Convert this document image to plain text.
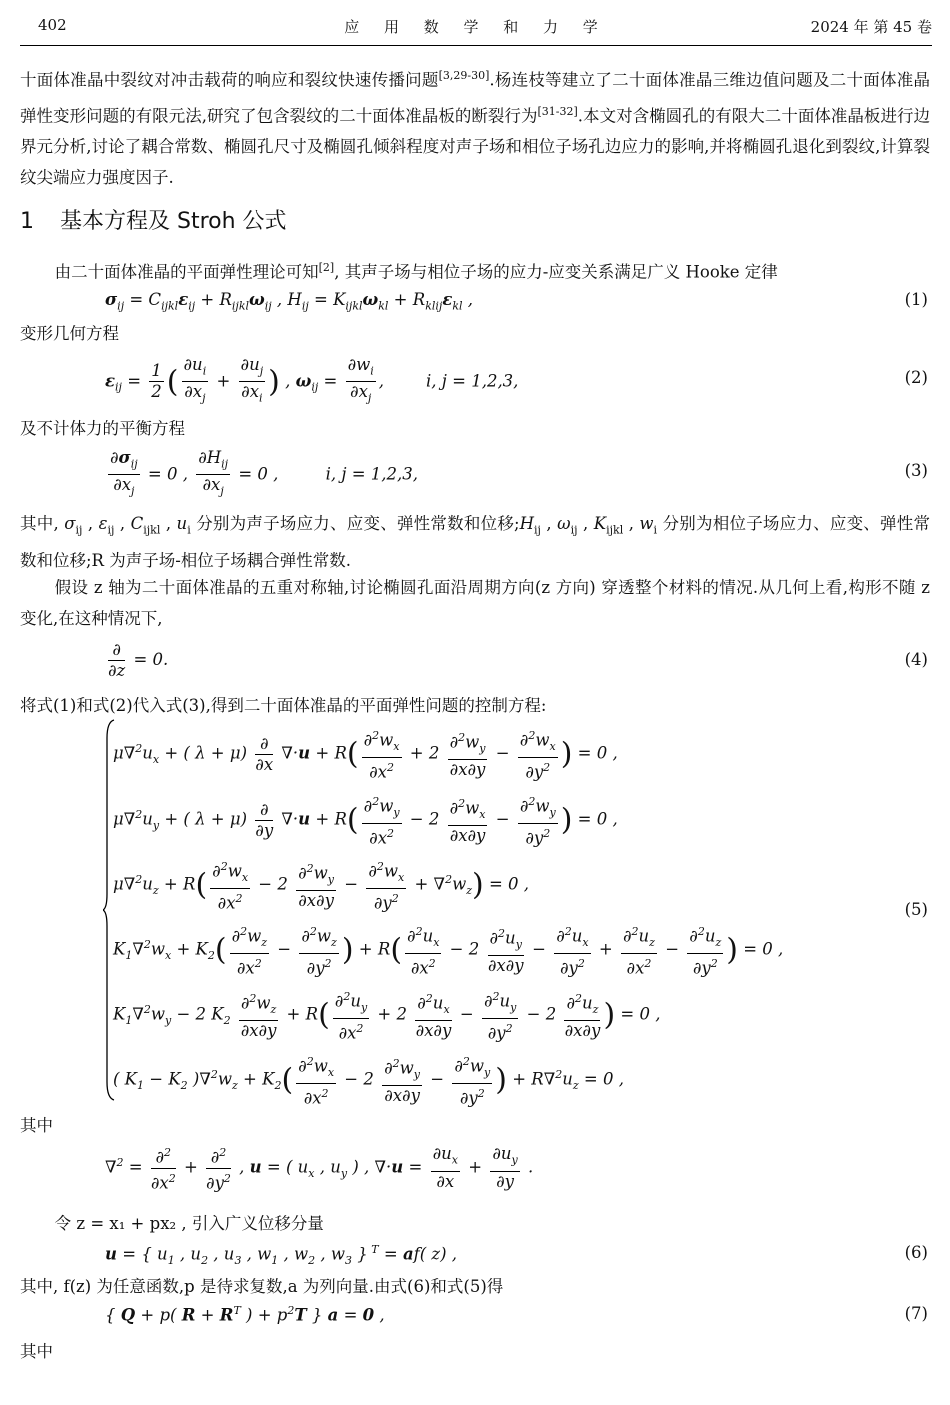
402	应 用 数 学 和 力 学	2024 年 第 45 卷
十面体准晶中裂纹对冲击载荷的响应和裂纹快速传播问题[3,29-30].杨连枝等建立了二十面体准晶三维边值问题及二十面体准晶弹性变形问题的有限元法,研究了包含裂纹的二十面体准晶板的断裂行为[31-32].本文对含椭圆孔的有限大二十面体准晶板进行边界元分析,讨论了耦合常数、椭圆孔尺寸及椭圆孔倾斜程度对声子场和相位子场孔边应力的影响,并将椭圆孔退化到裂纹,计算裂纹尖端应力强度因子.
1 基本方程及 Stroh 公式
由二十面体准晶的平面弹性理论可知[2], 其声子场与相位子场的应力-应变关系满足广义 Hooke 定律
$\sigma_{ij} = C_{ijkl}\varepsilon_{ij} + R_{ijkl}\omega_{ij}$ , $H_{ij} = K_{ijkl}\omega_{kl} + R_{klij}\varepsilon_{kl}$ ,	(1)
变形几何方程
$\varepsilon_{ij} = \frac{1}{2}$ ( $\frac{\partial u_i}{\partial x_j} + \frac{\partial u_j}{\partial x_i}$ ) , $\omega_{ij} = \frac{\partial w_i}{\partial x_j}$ ,        i, j = 1,2,3,	(2)
及不计体力的平衡方程
$\frac{\partial\sigma_{ij}}{\partial x_j} = 0$ , $\frac{\partial H_{ij}}{\partial x_j} = 0$ ,         i, j = 1,2,3,	(3)
其中, $\sigma_{ij}$ , $\varepsilon_{ij}$ , $C_{ijkl}$ , $u_i$ 分别为声子场应力、应变、弹性常数和位移$;H_{ij}$ , $\omega_{ij}$ , $K_{ijkl}$ , $w_i$ 分别为相位子场应力、应变、弹性常数和位移;R 为声子场-相位子场耦合弹性常数.
假设 z 轴为二十面体准晶的五重对称轴,讨论椭圆孔面沿周期方向(z 方向) 穿透整个材料的情况.从几何上看,构形不随 z 变化,在这种情况下,
$\frac{\partial}{\partial z} = 0$.	(4)
将式(1)和式(2)代入式(3),得到二十面体准晶的平面弹性问题的控制方程:
$\mu\nabla^2u_x$ + ( $\lambda + \mu) \frac{\partial}{\partial x} \nabla\cdot u + R( \frac{\partial^2w_x}{\partial x^2} + 2 \frac{\partial^2w_y}{\partial x\partial y} - \frac{\partial^2w_x}{\partial y^2}$ ) = 0 ,
$\mu\nabla^2u_y$ + ( $\lambda + \mu) \frac{\partial}{\partial y} \nabla\cdot u + R( \frac{\partial^2w_y}{\partial x^2} - 2 \frac{\partial^2w_x}{\partial x\partial y} - \frac{\partial^2w_y}{\partial y^2}$ ) = 0 ,
$\mu\nabla^2u_z + R( \frac{\partial^2w_x}{\partial x^2} - 2 \frac{\partial^2w_y}{\partial x\partial y} - \frac{\partial^2w_x}{\partial y^2} + \nabla^2w_z) = 0$ ,
$K_1\nabla^2w_x + K_2( \frac{\partial^2w_z}{\partial x^2} - \frac{\partial^2w_z}{\partial y^2}$ ) + $R( \frac{\partial^2u_x}{\partial x^2} - 2 \frac{\partial^2u_y}{\partial x\partial y} - \frac{\partial^2u_x}{\partial y^2} + \frac{\partial^2u_z}{\partial x^2} - \frac{\partial^2u_z}{\partial y^2}$ ) = 0 ,
$K_1\nabla^2w_y - 2$ $K_2 \frac{\partial^2w_z}{\partial x\partial y} + R( \frac{\partial^2u_y}{\partial x^2} + 2 \frac{\partial^2u_x}{\partial x\partial y} - \frac{\partial^2u_y}{\partial y^2} - 2 \frac{\partial^2u_z}{\partial x\partial y}$ ) = 0 ,
( $K_1 - K_2$ )$\nabla^2w_z + K_2( \frac{\partial^2w_x}{\partial x^2} - 2 \frac{\partial^2w_y}{\partial x\partial y} - \frac{\partial^2w_y}{\partial y^2}$ ) + $R\nabla^2u_z = 0$ ,
(5)
其中
$\nabla^2 = \frac{\partial^2}{\partial x^2} + \frac{\partial^2}{\partial y^2}$ , u = ( $u_x$ , $u_y$ ) , $\nabla\cdot u = \frac{\partial u_x}{\partial x} + \frac{\partial u_y}{\partial y}$ .
令 z = x₁ + px₂ , 引入广义位移分量
u = { $u_1$ , $u_2$ , $u_3$ , $w_1$ , $w_2$ , $w_3$ } $^T$ = af( z) ,	(6)
其中, f(z) 为任意函数,p 是待求复数,a 为列向量.由式(6)和式(5)得
{ Q + p( $R + R^T$ ) + $p^2T$ } a = 0 ,	(7)
其中
